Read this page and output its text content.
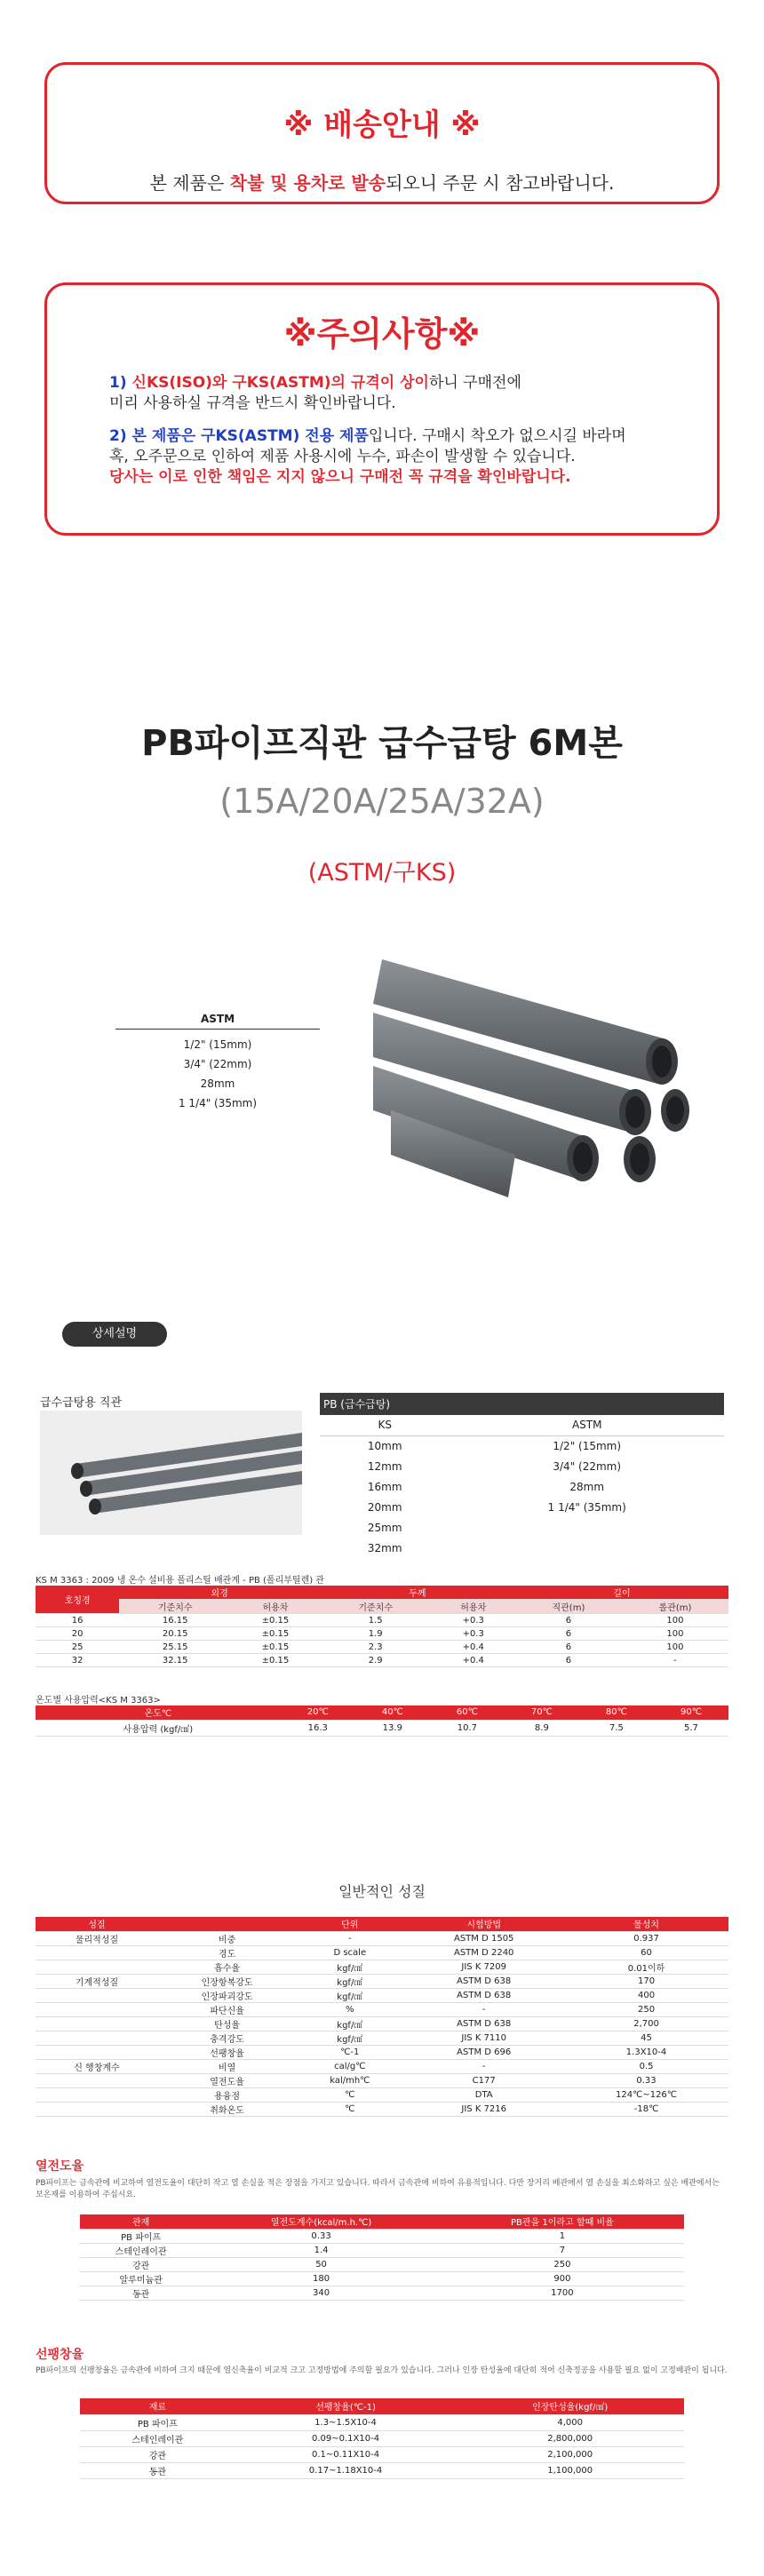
※ 배송안내 ※
본 제품은 착불 및 용차로 발송되오니 주문 시 참고바랍니다.
※주의사항※
1) 신KS(ISO)와 구KS(ASTM)의 규격이 상이하니 구매전에
미리 사용하실 규격을 반드시 확인바랍니다.
2) 본 제품은 구KS(ASTM) 전용 제품입니다. 구매시 착오가 없으시길 바라며
혹, 오주문으로 인하여 제품 사용시에 누수, 파손이 발생할 수 있습니다.
당사는 이로 인한 책임은 지지 않으니 구매전 꼭 규격을 확인바랍니다.
PB파이프직관 급수급탕 6M본
(15A/20A/25A/32A)
(ASTM/구KS)
ASTM
1/2" (15mm)
3/4" (22mm)
28mm
1 1/4" (35mm)
상세설명
급수급탕용 직관	PB (급수급탕)	
KS	ASTM
10mm	1/2" (15mm)
12mm	3/4" (22mm)
16mm	28mm
20mm	1 1/4" (35mm)
25mm	
32mm	
KS M 3363 : 2009 냉 온수 설비용 폴리스틸 배관계 - PB (폴리부틸렌) 관
호칭경	외경		두께		길이	
	기준치수	허용차	기준치수	허용차	직관(m)	롤관(m)
16	16.15	±0.15	1.5	+0.3	6	100
20	20.15	±0.15	1.9	+0.3	6	100
25	25.15	±0.15	2.3	+0.4	6	100
32	32.15	±0.15	2.9	+0.4	6	-
온도별 사용압력<KS M 3363>
온도℃	20℃	40℃	60℃	70℃	80℃	90℃
사용압력 (kgf/㎠)	16.3	13.9	10.7	8.9	7.5	5.7
일반적인 성질
성질		단위	시험방법	물성치
물리적성질	비중	-	ASTM D 1505	0.937
	경도	D scale	ASTM D 2240	60
	흡수율	kgf/㎠	JIS K 7209	0.01이하
기계적성질	인장항복강도	kgf/㎠	ASTM D 638	170
	인장파괴강도	kgf/㎠	ASTM D 638	400
	파단신율	%	-	250
	탄성율	kgf/㎠	ASTM D 638	2,700
	충격강도	kgf/㎠	JIS K 7110	45
	선팽창율	℃-1	ASTM D 696	1.3X10-4
신 행창계수	비열	cal/g℃	-	0.5
	열전도율	kal/mh℃	C177	0.33
	용융점	℃	DTA	124℃~126℃
	취화온도	℃	JIS K 7216	-18℃
열전도율
PB파이프는 금속관에 비교하여 열전도율이 대단히 작고 열 손실을 적은 장점을 가지고 있습니다. 따라서 금속관에 비하여 유용적입니다. 다만 장거리 배관에서 열 손실을 최소화하고 싶은 배관에서는 보온재를 이용하여 주십시요.
관재	열전도계수(kcal/m.h.℃)	PB관을 1이라고 할때 비율
PB 파이프	0.33	1
스테인레이관	1.4	7
강관	50	250
알루미늄관	180	900
동관	340	1700
선팽창율
PB파이프의 선팽창율은 금속관에 비하여 크지 때문에 열신축율이 비교적 크고 고정방법에 주의할 필요가 있습니다. 그러나 인장 탄성율에 대단히 적어 신축정공을 사용할 필요 없이 고정배관이 됩니다.
재료	선팽창율(℃-1)	인장탄성율(kgf/㎠)
PB 파이프	1.3~1.5X10-4	4,000
스테인레이관	0.09~0.1X10-4	2,800,000
강관	0.1~0.11X10-4	2,100,000
동관	0.17~1.18X10-4	1,100,000
